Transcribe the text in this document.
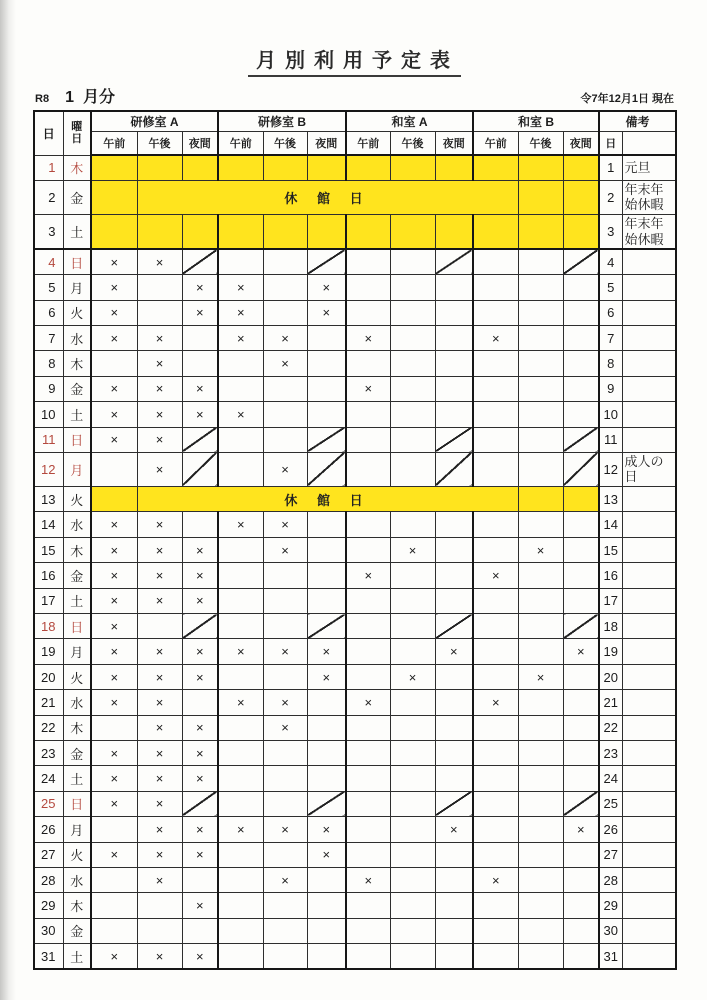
月別利用予定表
R8 1 月分	令7年12月1日 現在
日	曜日	研修室 A			研修室 B			和室 A			和室 B			備考	
		午前	午後	夜間	午前	午後	夜間	午前	午後	夜間	午前	午後	夜間	日	
1	木													1	元旦
2	金		休 館 日											2	年末年始休暇
3	土													3	年末年始休暇
4	日	×	×											4	
5	月	×		×	×		×							5	
6	火	×		×	×		×							6	
7	水	×	×		×	×		×			×			7	
8	木		×			×								8	
9	金	×	×	×				×						9	
10	土	×	×	×	×									10	
11	日	×	×											11	
12	月		×			×								12	成人の日
13	火		休 館 日											13	
14	水	×	×		×	×								14	
15	木	×	×	×		×			×			×		15	
16	金	×	×	×				×			×			16	
17	土	×	×	×										17	
18	日	×												18	
19	月	×	×	×	×	×	×			×			×	19	
20	火	×	×	×			×		×			×		20	
21	水	×	×		×	×		×			×			21	
22	木		×	×		×								22	
23	金	×	×	×										23	
24	土	×	×	×										24	
25	日	×	×											25	
26	月		×	×	×	×	×			×			×	26	
27	火	×	×	×			×							27	
28	水		×			×		×			×			28	
29	木			×										29	
30	金													30	
31	土	×	×	×										31	
